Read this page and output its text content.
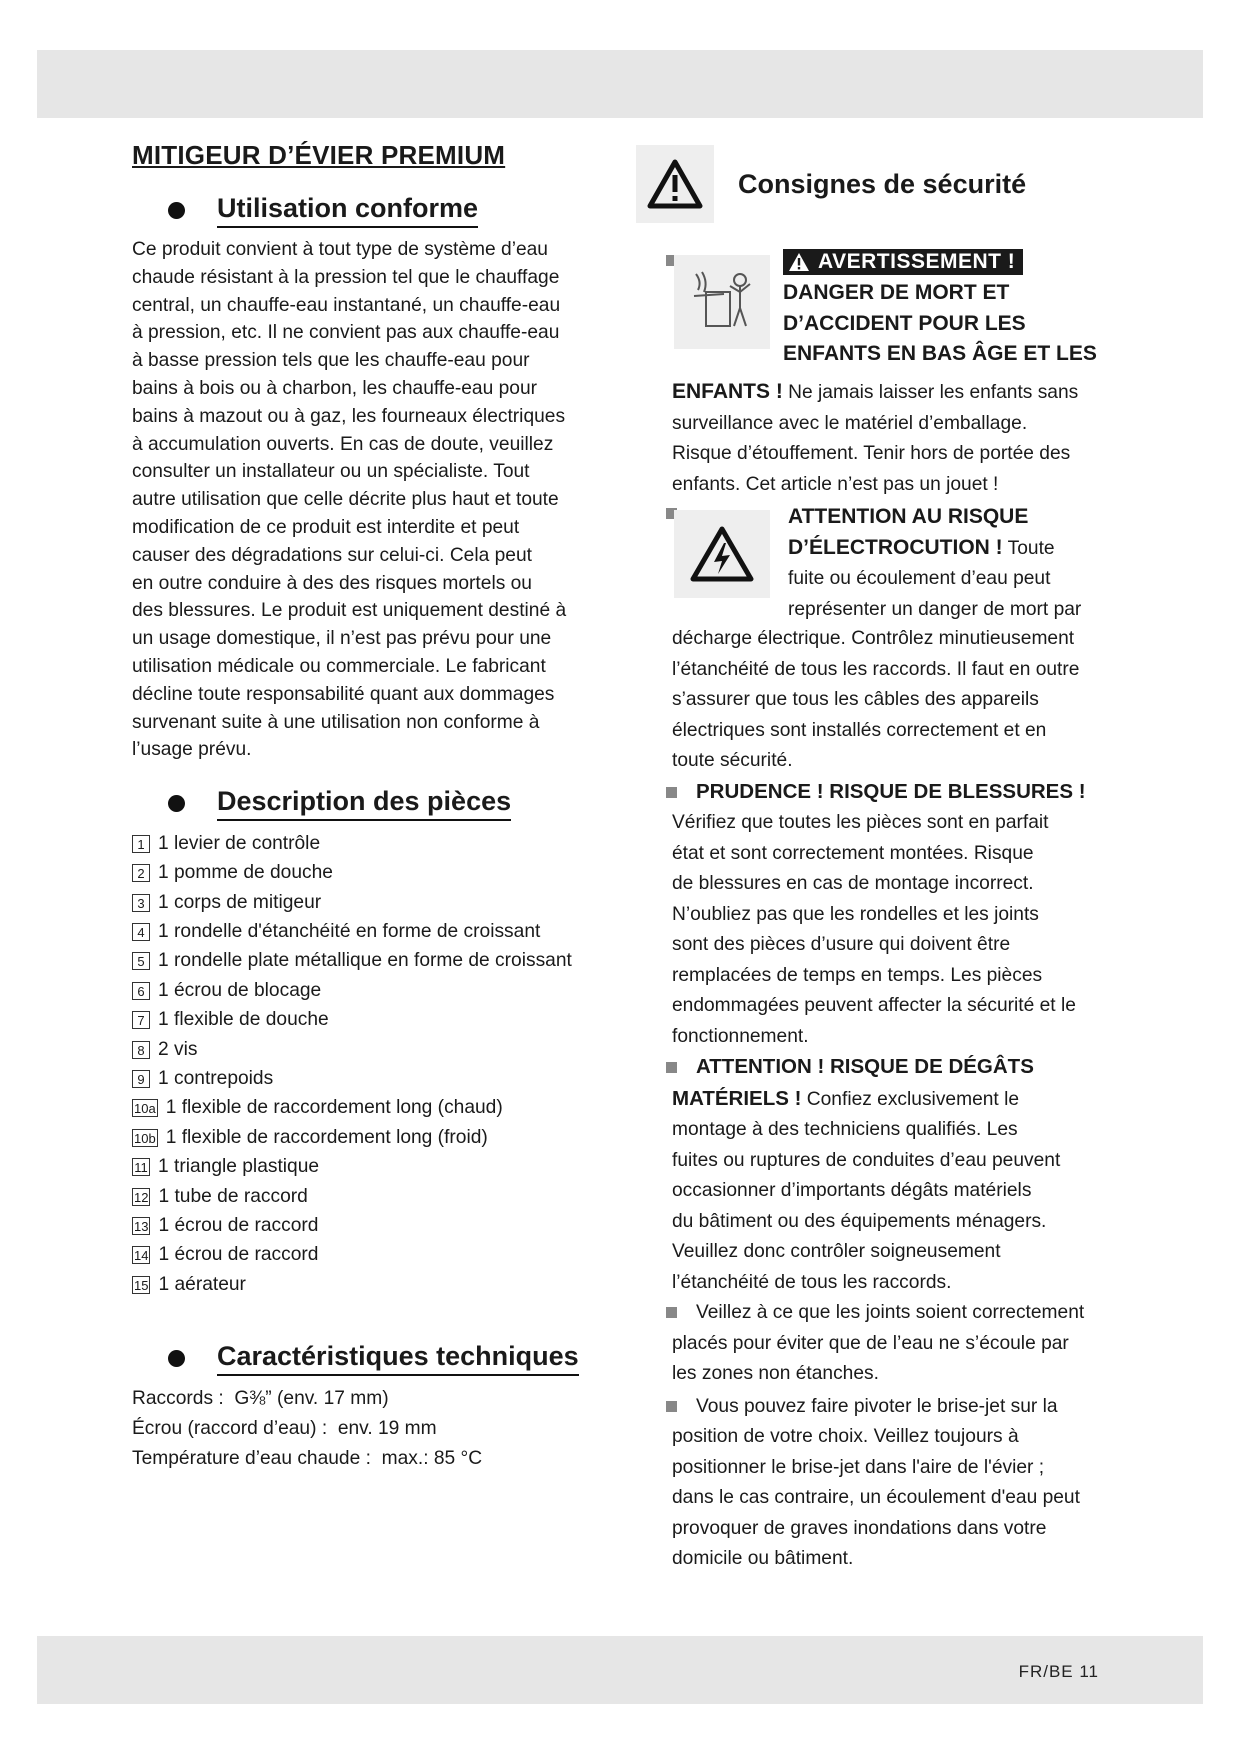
MITIGEUR D’ÉVIER PREMIUM
Utilisation conforme

Ce produit convient à tout type de système d’eau
chaude résistant à la pression tel que le chauffage
central, un chauffe-eau instantané, un chauffe-eau
à pression, etc. Il ne convient pas aux chauffe-eau
à basse pression tels que les chauffe-eau pour
bains à bois ou à charbon, les chauffe-eau pour
bains à mazout ou à gaz, les fourneaux électriques
à accumulation ouverts. En cas de doute, veuillez
consulter un installateur ou un spécialiste. Tout
autre utilisation que celle décrite plus haut et toute
modification de ce produit est interdite et peut
causer des dégradations sur celui-ci. Cela peut
en outre conduire à des des risques mortels ou
des blessures. Le produit est uniquement destiné à
un usage domestique, il n’est pas prévu pour une
utilisation médicale ou commerciale. Le fabricant
décline toute responsabilité quant aux dommages
survenant suite à une utilisation non conforme à
l’usage prévu.

Description des pièces
1 1 levier de contrôle
2 1 pomme de douche
3 1 corps de mitigeur
4 1 rondelle d'étanchéité en forme de croissant
5 1 rondelle plate métallique en forme de croissant
6 1 écrou de blocage
7 1 flexible de douche
8 2 vis
9 1 contrepoids
10a 1 flexible de raccordement long (chaud)
10b 1 flexible de raccordement long (froid)
11 1 triangle plastique
12 1 tube de raccord
13 1 écrou de raccord
14 1 écrou de raccord
15 1 aérateur
Caractéristiques techniques
Raccords : G⅜” (env. 17 mm)
Écrou (raccord d’eau) : env. 19 mm
Température d’eau chaude : max.: 85 °C
Consignes de sécurité
AVERTISSEMENT !
DANGER DE MORT ET
D’ACCIDENT POUR LES
ENFANTS EN BAS ÂGE ET LES
ENFANTS ! Ne jamais laisser les enfants sans
surveillance avec le matériel d’emballage.
Risque d’étouffement. Tenir hors de portée des
enfants. Cet article n’est pas un jouet !
ATTENTION AU RISQUE
D’ÉLECTROCUTION ! Toute
fuite ou écoulement d’eau peut
représenter un danger de mort par
décharge électrique. Contrôlez minutieusement
l’étanchéité de tous les raccords. Il faut en outre
s’assurer que tous les câbles des appareils
électriques sont installés correctement et en
toute sécurité.
PRUDENCE ! RISQUE DE BLESSURES !
Vérifiez que toutes les pièces sont en parfait
état et sont correctement montées. Risque
de blessures en cas de montage incorrect.
N’oubliez pas que les rondelles et les joints
sont des pièces d’usure qui doivent être
remplacées de temps en temps. Les pièces
endommagées peuvent affecter la sécurité et le
fonctionnement.
ATTENTION ! RISQUE DE DÉGÂTS
MATÉRIELS ! Confiez exclusivement le
montage à des techniciens qualifiés. Les
fuites ou ruptures de conduites d’eau peuvent
occasionner d’importants dégâts matériels
du bâtiment ou des équipements ménagers.
Veuillez donc contrôler soigneusement
l’étanchéité de tous les raccords.
Veillez à ce que les joints soient correctement
placés pour éviter que de l’eau ne s’écoule par
les zones non étanches.
Vous pouvez faire pivoter le brise-jet sur la
position de votre choix. Veillez toujours à
positionner le brise-jet dans l'aire de l'évier ;
dans le cas contraire, un écoulement d'eau peut
provoquer de graves inondations dans votre
domicile ou bâtiment.
FR/BE 11
